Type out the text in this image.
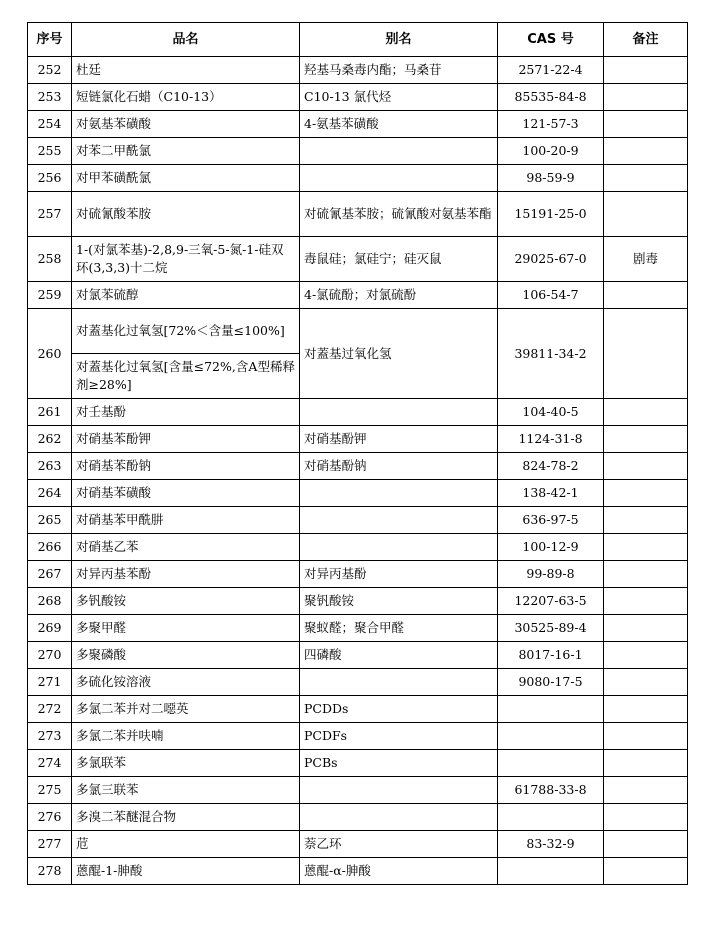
序号	品名	别名	CAS 号	备注
252	杜廷	羟基马桑毒内酯；马桑苷	2571-22-4	
253	短链氯化石蜡（C10-13）	C10-13 氯代烃	85535-84-8	
254	对氨基苯磺酸	4-氨基苯磺酸	121-57-3	
255	对苯二甲酰氯		100-20-9	
256	对甲苯磺酰氯		98-59-9	
257	对硫氰酸苯胺	对硫氰基苯胺；硫氰酸对氨基苯酯	15191-25-0	
258	1-(对氯苯基)-2,8,9-三氧-5-氮-1-硅双环(3,3,3)十二烷	毒鼠硅；氯硅宁；硅灭鼠	29025-67-0	剧毒
259	对氯苯硫醇	4-氯硫酚；对氯硫酚	106-54-7	
260	对蓋基化过氧氢[72%＜含量≤100%]	对蓋基过氧化氢	39811-34-2	
	对蓋基化过氧氢[含量≤72%,含A型稀释剂≥28%]			
261	对壬基酚		104-40-5	
262	对硝基苯酚钾	对硝基酚钾	1124-31-8	
263	对硝基苯酚钠	对硝基酚钠	824-78-2	
264	对硝基苯磺酸		138-42-1	
265	对硝基苯甲酰肼		636-97-5	
266	对硝基乙苯		100-12-9	
267	对异丙基苯酚	对异丙基酚	99-89-8	
268	多钒酸铵	聚钒酸铵	12207-63-5	
269	多聚甲醛	聚蚁醛；聚合甲醛	30525-89-4	
270	多聚磷酸	四磷酸	8017-16-1	
271	多硫化铵溶液		9080-17-5	
272	多氯二苯并对二噁英	PCDDs		
273	多氯二苯并呋喃	PCDFs		
274	多氯联苯	PCBs		
275	多氯三联苯		61788-33-8	
276	多溴二苯醚混合物			
277	苊	萘乙环	83-32-9	
278	蒽醌-1-胂酸	蒽醌-α-胂酸		
